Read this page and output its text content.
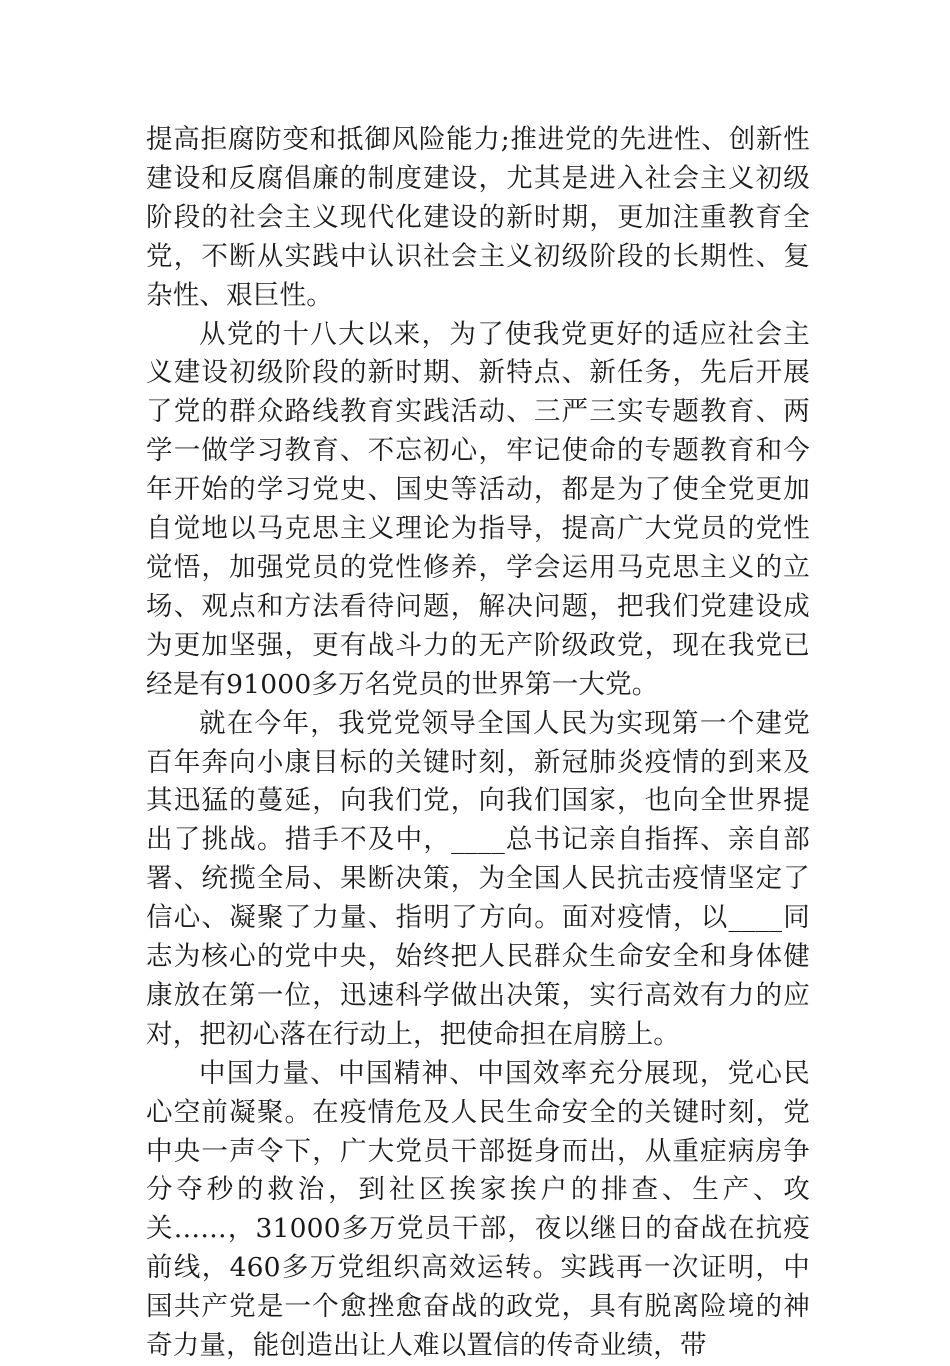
提高拒腐防变和抵御风险能力;推进党的先进性、创新性建设和反腐倡廉的制度建设，尤其是进入社会主义初级阶段的社会主义现代化建设的新时期，更加注重教育全党，不断从实践中认识社会主义初级阶段的长期性、复杂性、艰巨性。

从党的十八大以来，为了使我党更好的适应社会主义建设初级阶段的新时期、新特点、新任务，先后开展了党的群众路线教育实践活动、三严三实专题教育、两学一做学习教育、不忘初心，牢记使命的专题教育和今年开始的学习党史、国史等活动，都是为了使全党更加自觉地以马克思主义理论为指导，提高广大党员的党性觉悟，加强党员的党性修养，学会运用马克思主义的立场、观点和方法看待问题，解决问题，把我们党建设成为更加坚强，更有战斗力的无产阶级政党，现在我党已经是有91000多万名党员的世界第一大党。

就在今年，我党党领导全国人民为实现第一个建党百年奔向小康目标的关键时刻，新冠肺炎疫情的到来及其迅猛的蔓延，向我们党，向我们国家，也向全世界提出了挑战。措手不及中，____总书记亲自指挥、亲自部署、统揽全局、果断决策，为全国人民抗击疫情坚定了信心、凝聚了力量、指明了方向。面对疫情，以____同志为核心的党中央，始终把人民群众生命安全和身体健康放在第一位，迅速科学做出决策，实行高效有力的应对，把初心落在行动上，把使命担在肩膀上。

中国力量、中国精神、中国效率充分展现，党心民心空前凝聚。在疫情危及人民生命安全的关键时刻，党中央一声令下，广大党员干部挺身而出，从重症病房争分夺秒的救治，到社区挨家挨户的排查、生产、攻关……，31000多万党员干部，夜以继日的奋战在抗疫前线，460多万党组织高效运转。实践再一次证明，中国共产党是一个愈挫愈奋战的政党，具有脱离险境的神奇力量，能创造出让人难以置信的传奇业绩，带
